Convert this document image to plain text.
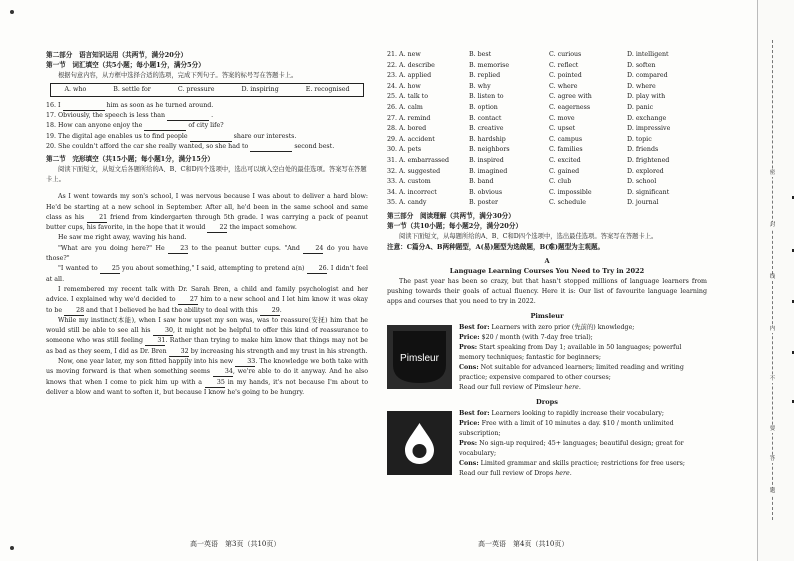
第二部分　语言知识运用（共两节，满分20分）
第一节　词汇填空（共5小题；每小题1分，满分5分）
根据句意内容，从方框中选择合适的选项，完成下列句子。答案的标号写在答题卡上。
A. who	B. settle for	C. pressure	D. inspiring	E. recognised
16. I	him as soon as he turned around.
17. Obviously, the speech is less than	.
18. How can anyone enjoy the	of city life?
19. The digital age enables us to find people	share our interests.
20. She couldn't afford the car she really wanted, so she had to	second best.
第二节　完形填空（共15小题；每小题1分，满分15分）
阅读下面短文，从短文后各题所给的A、B、C和D四个选项中，选出可以填入空白处的最佳选项。答案写在答题卡上。
As I went towards my son's school, I was nervous because I was about to deliver a hard blow: He'd be starting at a new school in September. After all, he'd been in the same school and same class as his 21 friend from kindergarten through 5th grade. I was carrying a pack of peanut butter cups, his favorite, in the hope that it would 22 the impact somehow.
He saw me right away, waving his hand.
"What are you doing here?" He 23 to the peanut butter cups. "And 24 do you have those?"
"I wanted to 25 you about something," I said, attempting to pretend a(n) 26. I didn't feel at all.
I remembered my recent talk with Dr. Sarah Bren, a child and family psychologist and her advice. I explained why we'd decided to 27 him to a new school and I let him know it was okay to be 28 and that I believed he had the ability to deal with this 29.
While my instinct(本能), when I saw how upset my son was, was to reassure(安抚) him that he would still be able to see all his 30, it might not be helpful to offer this kind of reassurance to someone who was still feeling 31. Rather than trying to make him know that things may not be as bad as they seem, I did as Dr. Bren 32 by increasing his strength and my trust in his strength.
Now, one year later, my son fitted happily into his new 33. The knowledge we both take with us moving forward is that when something seems 34, we're able to do it anyway. And he also knows that when I come to pick him up with a 35 in my hands, it's not because I'm about to deliver a blow and want to soften it, but because I know he's going to be hungry.
21. A. new	B. best	C. curious	D. intelligent
22. A. describe	B. memorise	C. reflect	D. soften
23. A. applied	B. replied	C. pointed	D. compared
24. A. how	B. why	C. where	D. where
25. A. talk to	B. listen to	C. agree with	D. play with
26. A. calm	B. option	C. eagerness	D. panic
27. A. remind	B. contact	C. move	D. exchange
28. A. bored	B. creative	C. upset	D. impressive
29. A. accident	B. hardship	C. campus	D. topic
30. A. pets	B. neighbors	C. families	D. friends
31. A. embarrassed	B. inspired	C. excited	D. frightened
32. A. suggested	B. imagined	C. gained	D. explored
33. A. custom	B. band	C. club	D. school
34. A. incorrect	B. obvious	C. impossible	D. significant
35. A. candy	B. poster	C. schedule	D. journal
第三部分　阅读理解（共两节，满分30分）
第一节（共10小题；每小题2分，满分20分）
阅读下面短文，从每题所给的A、B、C和D四个选项中，选出最佳选项。答案写在答题卡上。
注意：C篇分A、B两种题型，A(易)题型为选做题，B(难)题型为主观题。
A
Language Learning Courses You Need to Try in 2022
The past year has been so crazy, but that hasn't stopped millions of language learners from pushing towards their goals of actual fluency. Here it is: Our list of favourite language learning apps and courses that you need to try in 2022.
Pimsleur
Pimsleur
Best for: Learners with zero prior (先前的) knowledge;
Price: $20 / month (with 7-day free trial);
Pros: Start speaking from Day 1; available in 50 languages; powerful memory techniques; fantastic for beginners;
Cons: Not suitable for advanced learners; limited reading and writing practice; expensive compared to other courses;
Read our full review of Pimsleur here.
Drops
Best for: Learners looking to rapidly increase their vocabulary;
Price: Free with a limit of 10 minutes a day. $10 / month unlimited subscription;
Pros: No sign-up required; 45+ languages; beautiful design; great for vocabulary;
Cons: Limited grammar and skills practice; restrictions for free users;
Read our full review of Drops here.
高一英语　第3页（共10页）	高一英语　第4页（共10页）
密
封
线
内
不
要
答
题
